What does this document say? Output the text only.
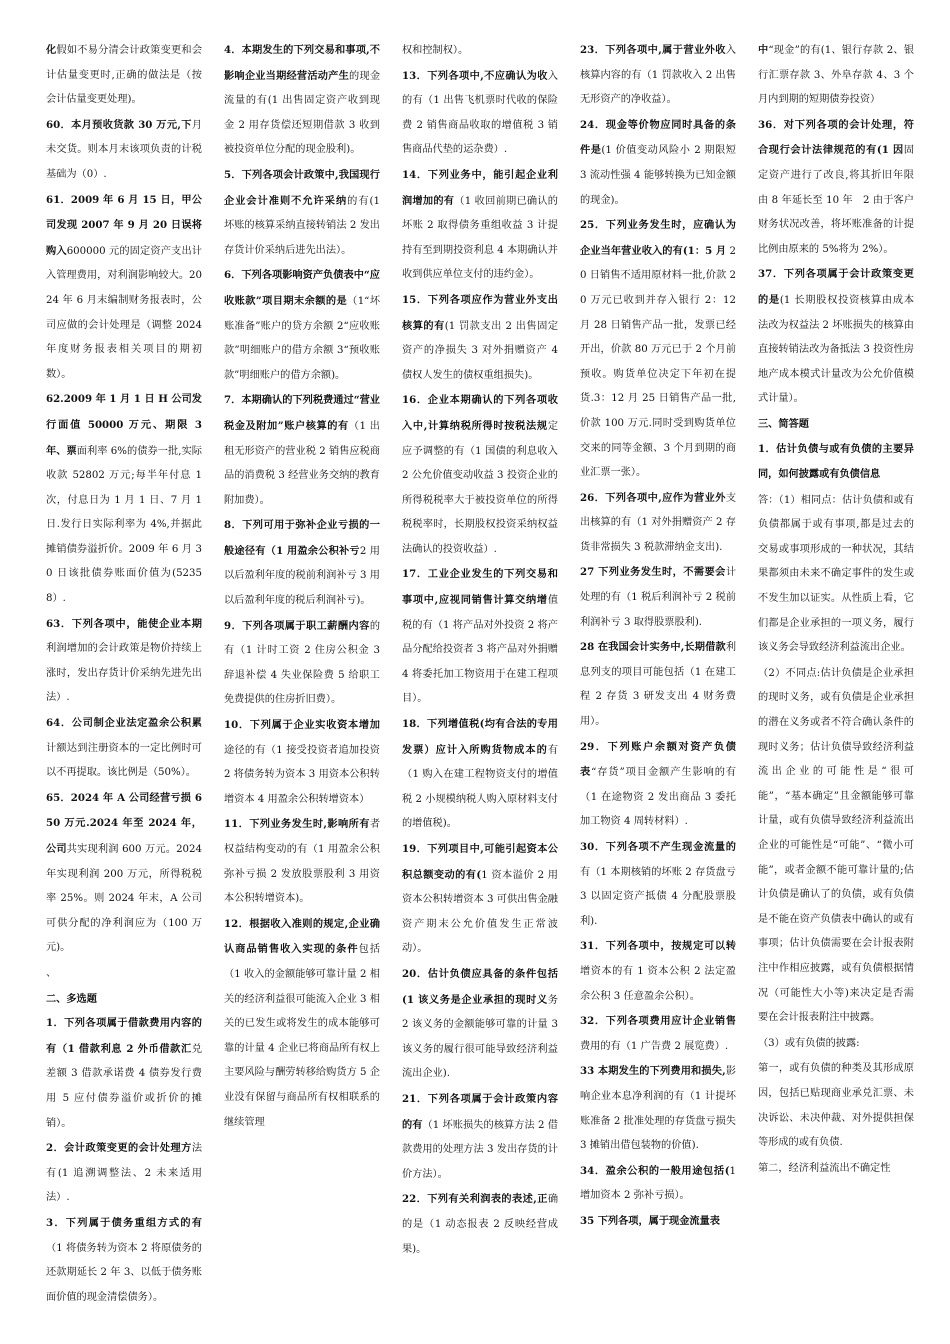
化假如不易分清会计政策变更和会计估量变更时,正确的做法是（按会计估量变更处理)。

60．本月预收货款 30 万元,下月未交货。则本月末该项负责的计税基础为（0）.

61．2009 年 6 月 15 日，甲公司发现 2007 年 9 月 20 日误将购入600000 元的固定资产支出计入管理费用，对利润影响较大。2024 年 6 月末编制财务报表时，公司应做的会计处理是（调整 2024 年度财务报表相关项目的期初数）。

62.2009 年 1 月 1 日 H 公司发行面值 50000 万元、期限 3 年、票面利率 6%的债券一批,实际收款 52802 万元;每半年付息 1 次，付息日为 1 月 1 日、7 月 1 日.发行日实际利率为 4%,并据此摊销债券溢折价。2009 年 6 月 30 日该批债券账面价值为(52358）.

63．下列各项中，能使企业本期利润增加的会计政策是物价持续上涨时，发出存货计价采纳先进先出法）.

64．公司制企业法定盈余公积累计额达到注册资本的一定比例时可以不再提取。该比例是（50%）。

65．2024 年 A 公司经营亏损 650 万元.2024 年至 2024 年，公司共实现利润 600 万元。2024 年实现利润 200 万元，所得税税率 25%。则 2024 年末，A 公司可供分配的净利润应为（100 万元)。

、

二、多选题

1．下列各项属于借款费用内容的有（1 借款利息 2 外币借款汇兑差额 3 借款承诺费 4 债券发行费用 5 应付债券溢价或折价的摊销）。

2．会计政策变更的会计处理方法有(1 追溯调整法、2 未来适用法）.

3．下列属于债务重组方式的有（1 将债务转为资本 2 将原债务的还款期延长 2 年 3、以低于债务账面价值的现金清偿债务）。

4．本期发生的下列交易和事项,不影响企业当期经营活动产生的现金流量的有(1 出售固定资产收到现金 2 用存货偿还短期借款 3 收到被投资单位分配的现金股利)。

5．下列各项会计政策中,我国现行企业会计准则不允许采纳的有(1 坏账的核算采纳直接转销法 2 发出存货计价采纳后进先出法）。

6．下列各项影响资产负债表中“应收账款”项目期末余额的是（1“坏账准备”账户的贷方余额 2“应收账款”明细账户的借方余额 3“预收账款”明细账户的借方余额)。

7．本期确认的下列税费通过“营业税金及附加”账户核算的有（1 出租无形资产的营业税 2 销售应税商品的消费税 3 经营业务交纳的教育附加费）。

8．下列可用于弥补企业亏损的一般途径有（1 用盈余公积补亏2 用以后盈利年度的税前利润补亏 3 用以后盈利年度的税后利润补亏)。

9．下列各项属于职工薪酬内容的有（1 计时工资 2 住房公积金 3 辞退补偿 4 失业保险费 5 给职工免费提供的住房折旧费）。

10．下列属于企业实收资本增加途径的有（1 接受投资者追加投资 2 将债务转为资本 3 用资本公积转增资本 4 用盈余公积转增资本）

11．下列业务发生时,影响所有者权益结构变动的有（1 用盈余公积弥补亏损 2 发放股票股利 3 用资本公积转增资本)。

12．根据收入准则的规定,企业确认商品销售收入实现的条件包括（1 收入的金额能够可靠计量 2 相关的经济利益很可能流入企业 3 相关的已发生或将发生的成本能够可靠的计量 4 企业已将商品所有权上主要风险与酬劳转移给购货方 5 企业没有保留与商品所有权相联系的继续管理

权和控制权）。

13．下列各项中,不应确认为收入的有（1 出售飞机票时代收的保险费 2 销售商品收取的增值税 3 销售商品代垫的运杂费）.

14．下列业务中，能引起企业利润增加的有（1 收回前期已确认的坏账 2 取得债务重组收益 3 计提持有至到期投资利息 4 本期确认并收到供应单位支付的违约金）。

15．下列各项应作为营业外支出核算的有(1 罚款支出 2 出售固定资产的净损失 3 对外捐赠资产 4 债权人发生的债权重组损失)。

16．企业本期确认的下列各项收入中,计算纳税所得时按税法规定应予调整的有（1 国债的利息收入 2 公允价值变动收益 3 投资企业的所得税税率大于被投资单位的所得税税率时，长期股权投资采纳权益法确认的投资收益）.

17．工业企业发生的下列交易和事项中,应视同销售计算交纳增值税的有（1 将产品对外投资 2 将产品分配给投资者 3 将产品对外捐赠 4 将委托加工物资用于在建工程项目）。

18．下列增值税(均有合法的专用发票）应计入所购货物成本的有（1 购入在建工程物资支付的增值税 2 小规模纳税人购入原材料支付的增值税)。

19．下列项目中,可能引起资本公积总额变动的有(1 资本溢价 2 用资本公积转增资本 3 可供出售金融资产期末公允价值发生正常波动）。

20．估计负债应具备的条件包括(1 该义务是企业承担的现时义务 2 该义务的金额能够可靠的计量 3 该义务的履行很可能导致经济利益流出企业).

21．下列各项属于会计政策内容的有（1 坏账损失的核算方法 2 借款费用的处理方法 3 发出存货的计价方法）。

22．下列有关利润表的表述,正确的是（1 动态报表 2 反映经营成果)。

23．下列各项中,属于营业外收入核算内容的有（1 罚款收入 2 出售无形资产的净收益）。

24．现金等价物应同时具备的条件是(1 价值变动风险小 2 期限短 3 流动性强 4 能够转换为已知金额的现金)。

25．下列业务发生时，应确认为企业当年营业收入的有(1：5 月 20 日销售不适用原材料一批,价款 20 万元已收到并存入银行 2：12 月 28 日销售产品一批，发票已经开出，价款 80 万元已于 2 个月前预收。购货单位决定下年初在提货.3：12 月 25 日销售产品一批,价款 100 万元.同时受到购货单位交来的同等金额、3 个月到期的商业汇票一张）。

26．下列各项中,应作为营业外支出核算的有（1 对外捐赠资产 2 存货非常损失 3 税款滞纳金支出).

27 下列业务发生时，不需要会计处理的有（1 税后利润补亏 2 税前利润补亏 3 取得股票股利).

28 在我国会计实务中,长期借款利息列支的项目可能包括（1 在建工程 2 存货 3 研发支出 4 财务费用）。

29．下列账户余额对资产负债表“存货”项目金额产生影响的有（1 在途物资 2 发出商品 3 委托加工物资 4 周转材料）.

30．下列各项不产生现金流量的有（1 本期核销的坏账 2 存货盘亏 3 以固定资产抵债 4 分配股票股利).

31．下列各项中，按规定可以转增资本的有 1 资本公积 2 法定盈余公积 3 任意盈余公积）。

32．下列各项费用应计企业销售费用的有（1 广告费 2 展览费）.

33 本期发生的下列费用和损失,影响企业本息净利润的有（1 计提坏账准备 2 批准处理的存货盘亏损失 3 摊销出借包装物的价值).

34．盈余公积的一般用途包括(1 增加资本 2 弥补亏损）。

35 下列各项，属于现金流量表

中“现金”的有(1、银行存款 2、银行汇票存款 3、外阜存款 4、3 个月内到期的短期债券投资）

36．对下列各项的会计处理，符合现行会计法律规范的有(1 因固定资产进行了改良,将其折旧年限由 8 年延长至 10 年　2 由于客户财务状况改善，将坏账准备的计提比例由原来的 5%将为 2%）。

37．下列各项属于会计政策变更的是(1 长期股权投资核算由成本法改为权益法 2 坏账损失的核算由直接转销法改为备抵法 3 投资性房地产成本模式计量改为公允价值模式计量）。

三、简答题

1．估计负债与或有负债的主要异同，如何披露或有负债信息

答：（1）相同点：估计负债和或有负债都属于或有事项,都是过去的交易或事项形成的一种状况，其结果都须由未来不确定事件的发生或不发生加以证实。从性质上看，它们都是企业承担的一项义务，履行该义务会导致经济利益流出企业。

（2）不同点:估计负债是企业承担的现时义务，或有负债是企业承担的潜在义务或者不符合确认条件的现时义务；估计负债导致经济利益流出企业的可能性是“很可能”，“基本确定”且金额能够可靠计量，或有负债导致经济利益流出企业的可能性是“可能”、“微小可能”，或者金额不能可靠计量的;估计负债是确认了的负债，或有负债是不能在资产负债表中确认的或有事项；估计负债需要在会计报表附注中作相应披露，或有负债根据情况（可能性大小等)来决定是否需要在会计报表附注中披露。

（3）或有负债的披露:

第一，或有负债的种类及其形成原因，包括已贴现商业承兑汇票、未决诉讼、未决仲裁、对外提供担保等形成的或有负债.

第二，经济利益流出不确定性
